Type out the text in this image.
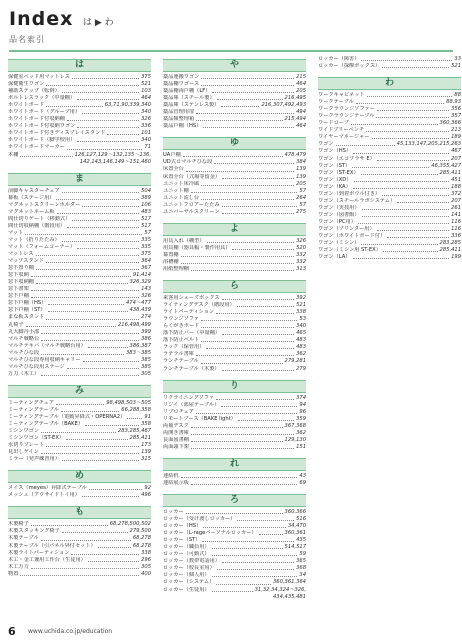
Index は ▶ わ
品名索引
は
保健室ベッド用マットレス	375
保健衛生ワゴン	521
補助ステップ（転倒）	103
ボルトレスラック（中量棚）	464
ホワイトボード	63,71,90,339,340
ホワイトボード（グループ用）	340
ホワイトボード付収納棚	326
ホワイトボード付収納ワゴン	336
ホワイトボード付きディスプレイスタンド	101
ホワイトボード（脚学校用）	340
ホワイトボードマーカー	71
本棚	126,127,129～132,135～136,
142,143,146,149～151,460
ま
前脚キャスターチェア	504
幕板（ステージ用）	389
マグネットスクリーンホルダー	106
マグネットネーム板	483
間仕切りゲート（移動式）	517
間仕切収納棚（階段用）	517
マット	57
マット（折りたたみ）	335
マット（フォームコーナー）	335
マットレス	375
マップスタンド	364
窓下置り棚	367
窓下収納	91,414
窓下収納棚	326,329
窓下書架	143
窓下戸棚	326
窓下戸棚（HS）	474～477
窓下戸棚（ST）	438,439
まな板スタンド	274
丸椅子	216,498,499
丸大脚丹小部	399
マルチ戦略台	386
マルチテキバ（マルチ戦略台用）	386,387
マルチひな段	383～385
マルチひな段専用収納キャリー	385
マルチひな段用ステージ	385
万力（木工）	305
み
ミーティングチェア	98,498,503～505
ミーティングテーブル	66,288,358
ミーティングテーブル（電動昇降式・OPERNA2）	91
ミーティングテーブル（BAKE）	358
ミシンワゴン	283,285,467
ミシンワゴン（ST-EX）	285,411
水切りプレート	173
見出しゲイン	139
ミラー（発声練習用）	315
め
メイス（meyes）昇降式テーブル	92
メッシュ（アウサイドトイ用）	496
も
木製椅子	68,278,500,502
木製スタッキング椅子	279,500
木製テーブル	68,278
木製テーブル（引パネル昇付セット）	68,278
木製ライトパーティション	338
木工・金工兼用工作台（生徒用）	296
木工万力	305
物置	400
や
薬品運搬ワゴン	215
薬品棚ワゴース	464
薬品棚両戸棚（LF）	205
薬品庫（スチール製）	216,495
薬品庫（ステンレス製）	216,307,492,493
薬品管理用扉	494
薬品類整理箱	215,494
薬品戸棚（HS）	464
ゆ
UA戸棚	478,479
UD式ロマルチひな段	384
床置全台	139
床置全台（式場等留金）	139
ユニット床冷風	205
ユニット棚	57
ユニット流し台	264
ユニットフロアーたたみ	57
ユニバーサルスクリーン	275
よ
用具入れ（棚型）	326
用具棚（器具幅・製作用具）	520
幕置棚	332
浴槽棚	332
用紙整理棚	313
ら
来客用シューズボックス	392
ライティングデスク（階段用）	521
ライトパーティション	338
ラウンジソファ	53
らくがきボード	340
落下防止バー（中量棚）	465
落下防止ベルト	483
ラック（保管用）	483
ラテラル書庫	362
ランチテーブル	279,281
ランチテーブル（木製）	279
り
リクライニングソファ	374
リジイ（部屋テーブル）	94
リブロチェア	96
リモートブース（BAKE light）	359
両袖デスク	367,368
両開き書庫	362
良面図書棚	129,130
両面頭下架	151
れ
連結机	43
連結展示板	69
ろ
ロッカー	360,366
ロッカー（受け渡しロッカー）	516
ロッカー（HS）	34,470
ロッカー（L-rageパーソナルロッカー）	360,361
ロッカー（ST）	435
ロッカー（職員用）	514,517
ロッカー（可動式）	59
ロッカー（教帯電話用）	365
ロッカー（校長室用）	368
ロッカー（個人用）	34
ロッカー（システム）	360,361,364
ロッカー（生徒用）	31,32,34,324～326,
434,435,481
ロッカー（障害）	33
ロッカー（探療ボックス）	521
わ
ワークキャビネット	88
ワークテーブル	88,93
ワークラウンジソファー	356
ワークラウンジテーブル	357
ワードローブ	360,366
ワイドブリーベンチ	213
ワイヤーマネージャー	189
ワゴン	45,133,147,205,215,263
ワゴン（HS）	467
ワゴン（エコプラサ E）	207
ワゴン（ST）	46,355,427
ワゴン（ST-EX）	285,411
ワゴン（XD）	451
ワゴン（KA）	188
ワゴン（到着ボウル付き）	372
ワゴン（スチールラボシステム）	207
ワゴン（実技用）	261
ワゴン（図書館）	141
ワゴン（PC用）	116
ワゴン（プリンター用）	116
ワゴン（ホワイトボード付）	336
ワゴン（ミシン）	283,285
ワゴン（ミシン用 ST-EX）	285,411
ワゴン（LA）	199
6 www.uchida.co.jp/education
